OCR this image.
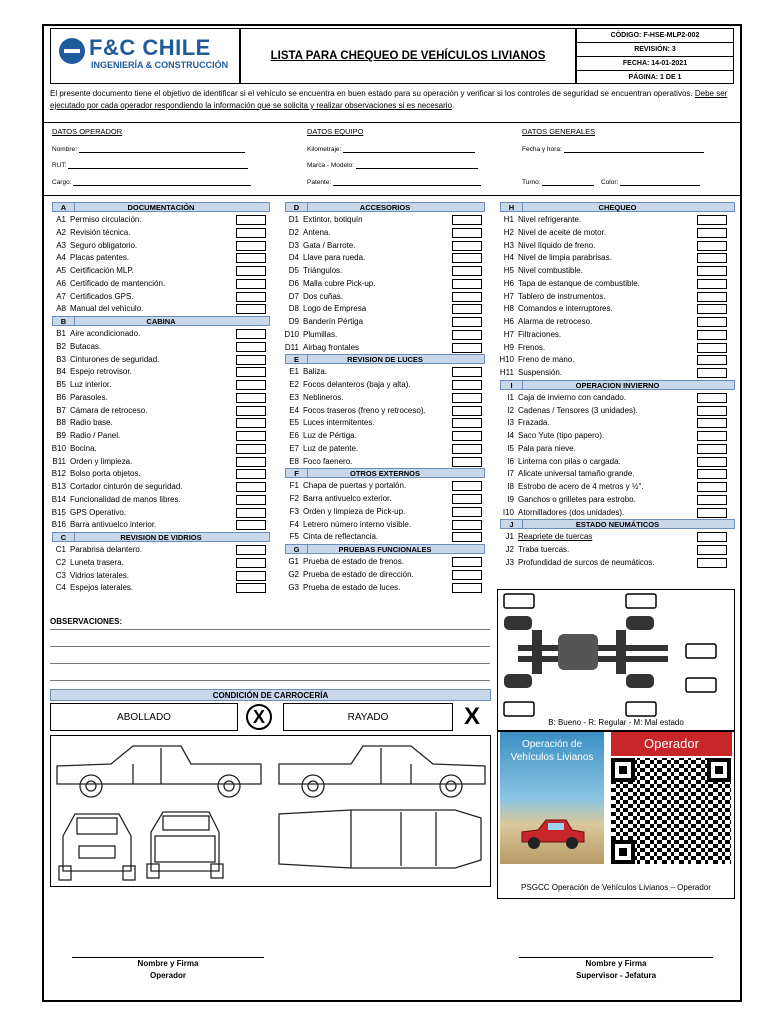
F&C CHILE
INGENIERÍA & CONSTRUCCIÓN
LISTA PARA CHEQUEO DE VEHÍCULOS LIVIANOS
CÓDIGO: F-HSE-MLP2-002
REVISIÓN: 3
FECHA: 14-01-2021
PÁGINA: 1 DE 1
El presente documento tiene el objetivo de identificar si el vehículo se encuentra en buen estado para su operación y verificar si los controles de seguridad se encuentran operativos. Debe ser ejecutado por cada operador respondiendo la información que se solicita y realizar observaciones si es necesario.
DATOS OPERADOR	DATOS EQUIPO	DATOS GENERALES
Nombre:
RUT:
Cargo:
Kilometraje:
Marca - Modelo:
Patente:
Fecha y hora:
Turno:	Color:
A	DOCUMENTACIÓN
A1 Permiso circulación.
A2 Revisión técnica.
A3 Seguro obligatorio.
A4 Placas patentes.
A5 Certificación MLP.
A6 Certificado de mantención.
A7 Certificados GPS.
A8 Manual del vehículo.
B	CABINA
B1 Aire acondicionado.
B2 Butacas.
B3 Cinturones de seguridad.
B4 Espejo retrovisor.
B5 Luz interior.
B6 Parasoles.
B7 Cámara de retroceso.
B8 Radio base.
B9 Radio / Panel.
B10 Bocina.
B11 Orden y limpieza.
B12 Bolso porta objetos.
B13 Cortador cinturón de seguridad.
B14 Funcionalidad de manos libres.
B15 GPS Operativo.
B16 Barra antivuelco interior.
C	REVISION DE VIDRIOS
C1 Parabrisa delantero.
C2 Luneta trasera.
C3 Vidrios laterales.
C4 Espejos laterales.
D	ACCESORIOS
D1 Extintor, botiquín
D2 Antena.
D3 Gata / Barrote.
D4 Llave para rueda.
D5 Triángulos.
D6 Malla cubre Pick-up.
D7 Dos cuñas.
D8 Logo de Empresa
D9 Banderín Pértiga
D10 Plumillas.
D11 Airbag frontales
E	REVISION DE LUCES
E1 Baliza.
E2 Focos delanteros (baja y alta).
E3 Neblineros.
E4 Focos traseros (freno y retroceso).
E5 Luces intermitentes.
E6 Luz de Pértiga.
E7 Luz de patente.
E8 Foco faenero.
F	OTROS EXTERNOS
F1 Chapa de puertas y portalón.
F2 Barra antivuelco exterior.
F3 Orden y limpieza de Pick-up.
F4 Letrero número interno visible.
F5 Cinta de reflectancia.
G	PRUEBAS FUNCIONALES
G1 Prueba de estado de frenos.
G2 Prueba de estado de dirección.
G3 Prueba de estado de luces.
H	CHEQUEO
H1 Nivel refrigerante.
H2 Nivel de aceite de motor.
H3 Nivel líquido de freno.
H4 Nivel de limpia parabrisas.
H5 Nivel combustible.
H6 Tapa de estanque de combustible.
H7 Tablero de instrumentos.
H8 Comandos e interruptores.
H6 Alarma de retroceso.
H7 Filtraciones.
H9 Frenos.
H10 Freno de mano.
H11 Suspensión.
I	OPERACION INVIERNO
I1 Caja de invierno con candado.
I2 Cadenas / Tensores (3 unidades).
I3 Frazada.
I4 Saco Yute (tipo papero).
I5 Pala para nieve.
I6 Linterna con pilas o cargada.
I7 Alicate universal tamaño grande.
I8 Estrobo de acero de 4 metros y ½".
I9 Ganchos o grilletes para estrobo.
I10 Atornilladores (dos unidades).
J	ESTADO NEUMÁTICOS
J1 Reapriete de tuercas
J2 Traba tuercas.
J3 Profundidad de surcos de neumáticos.
OBSERVACIONES:
CONDICIÓN DE CARROCERÍA
ABOLLADO	X	RAYADO	X	B: Bueno - R: Regular - M: Mal estado
Operación de
Vehículos Livianos
Operador
PSGCC Operación de Vehículos Livianos – Operador
Nombre y Firma
Operador
Nombre y Firma
Supervisor - Jefatura
